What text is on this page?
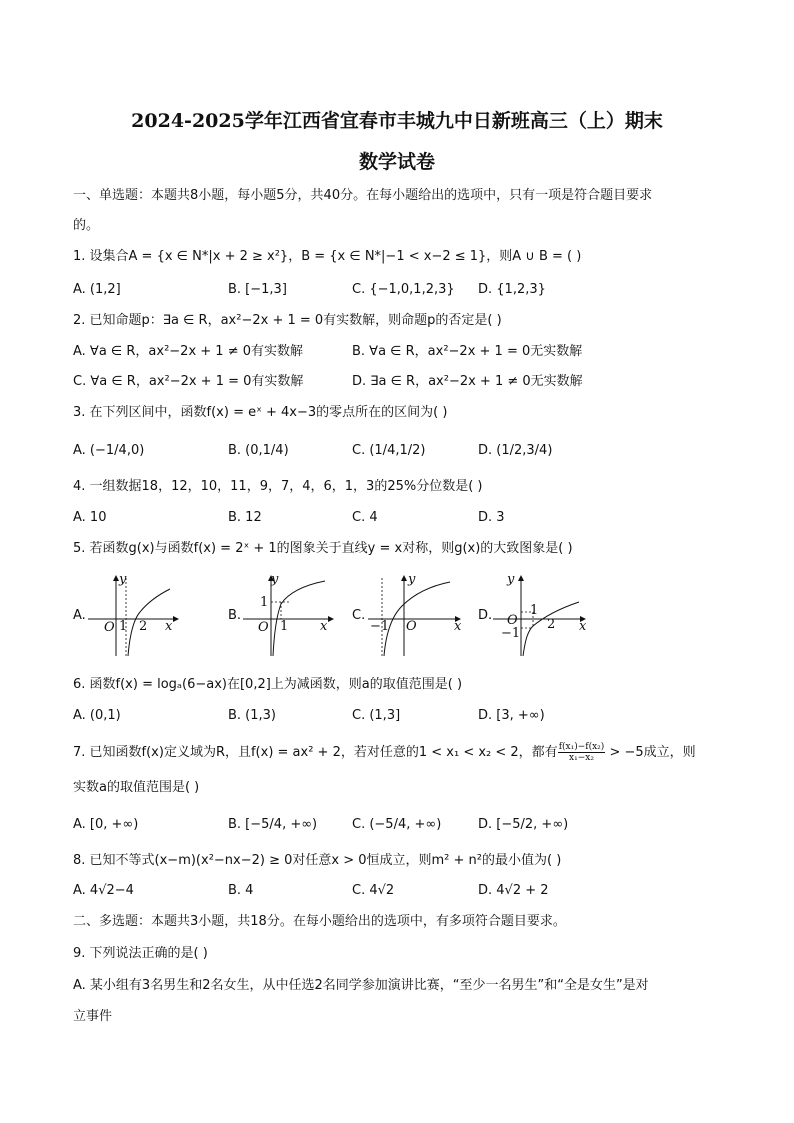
2024-2025学年江西省宜春市丰城九中日新班高三（上）期末
数学试卷
一、单选题：本题共8小题，每小题5分，共40分。在每小题给出的选项中，只有一项是符合题目要求
的。
1. 设集合A = {x ∈ N*|x + 2 ≥ x²}，B = {x ∈ N*|−1 < x−2 ≤ 1}，则A ∪ B = ( )
A. (1,2]	B. [−1,3]	C. {−1,0,1,2,3} D. {1,2,3}
2. 已知命题p：∃a ∈ R，ax²−2x + 1 = 0有实数解，则命题p的否定是( )
A. ∀a ∈ R，ax²−2x + 1 ≠ 0有实数解	B. ∀a ∈ R，ax²−2x + 1 = 0无实数解
C. ∀a ∈ R，ax²−2x + 1 = 0有实数解	D. ∃a ∈ R，ax²−2x + 1 ≠ 0无实数解
3. 在下列区间中，函数f(x) = eˣ + 4x−3的零点所在的区间为( )
A. (−1/4,0)	B. (0,1/4)	C. (1/4,1/2)	D. (1/2,3/4)
4. 一组数据18，12，10，11，9，7，4，6，1，3的25%分位数是( )
A. 10	B. 12	C. 4	D. 3
5. 若函数g(x)与函数f(x) = 2ˣ + 1的图象关于直线y = x对称，则g(x)的大致图象是( )
A.
y
O 1 2 x
B.
y
1
O 1 x
C.
y
−1 O	x
D.
y
1
O 2
−1	x
6. 函数f(x) = logₐ(6−ax)在[0,2]上为减函数，则a的取值范围是( )
A. (0,1)	B. (1,3)	C. (1,3]	D. [3, +∞)
7. 已知函数f(x)定义域为R，且f(x) = ax² + 2，若对任意的1 < x₁ < x₂ < 2，都有 $\frac{\text{f(x₁)−f(x₂)}}{\text{x₁−x₂}} > -5$成立，则
实数a的取值范围是( )
A. [0, +∞)	B. [−5/4, +∞)	C. (−5/4, +∞)	D. [−5/2, +∞)
8. 已知不等式(x−m)(x²−nx−2) ≥ 0对任意x > 0恒成立，则m² + n²的最小值为( )
A. 4√2−4	B. 4	C. 4√2	D. 4√2 + 2
二、多选题：本题共3小题，共18分。在每小题给出的选项中，有多项符合题目要求。
9. 下列说法正确的是( )
A. 某小组有3名男生和2名女生，从中任选2名同学参加演讲比赛，“至少一名男生”和“全是女生”是对
立事件
